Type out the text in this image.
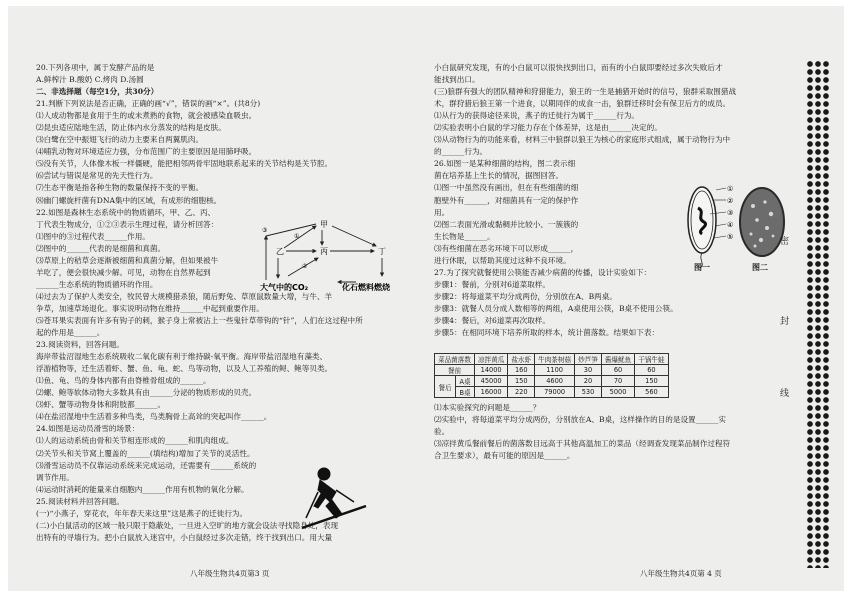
20.下列各项中，属于发酵产品的是

A.鲜榨汁 B.酸奶 C.烤肉 D.汤圆

二、非选择题（每空1分，共30分）

21.判断下列说法是否正确，正确的画“√”，错误的画“×”。(共8分)

⑴人成动物都是食用于生的或未煮熟的食物，就会被感染血吸虫。

⑵昆虫适应陆地生活，防止体内水分蒸发的结构是皮肤。

⑶白鹭在空中振翅飞行的动力主要来自两翼肌肉。

⑷哺乳动物对环境适应力强，分布范围广的主要原因是用肺呼吸。

⑸没有关节，人体像木板一样僵硬，能把相邻两骨牢固地联系起来的关节结构是关节腔。

⑹尝试与错误是常见的先天性行为。

⑺生态平衡是指各种生物的数量保持不变的平衡。

⑻幽门螺旋杆菌有DNA集中的区域，有成形的细胞核。

22.如图是森林生态系统中的物质循环，甲、乙、丙、

丁代表生物成分，①②③表示生理过程，请分析回答：

⑴图中的③过程代表______作用。

⑵图中的______代表的是细菌和真菌。

⑶草原上的秸草会逐渐被细菌和真菌分解，但如果被牛

羊吃了，便会很快减少解。可见，动物在自然界起到

______生态系统的物质循环的作用。

⑷过去为了保护人类安全，牧民曾大规模猎杀狼，随后野兔、草原鼠数量大增，与牛、羊

争草，加速草场退化。事实说明动物在维持______中起到重要作用。

⑸苍耳果实表面有许多有钩子的刺，猴子身上常被沾上一些鬼针草带钩的“针”，人们在这过程中所

起的作用是______。

23.阅读资料，回答问题。

海岸带盐沼湿地生态系统吸收二氧化碳有利于维持碳-氧平衡。海岸带盐沼湿地有藻类、

浮游植物等，迁生活着虾、蟹、鱼、龟、蛇、鸟等动物，以及人工养殖的鲟、鲍等贝类。

⑴鱼、龟、鸟的身体内都有由脊椎骨组成的______。

⑵螺、鲍等软体动物大多数具有由______分泌的物质形成的贝壳。

⑶虾、蟹等动物身体和附肢都______。

⑷在盐沼湿地中生活着多种鸟类，鸟类胸骨上高耸的突起叫作______。

24.如图是运动员滑雪的场景：

⑴人的运动系统由骨和关节相连形成的______和肌肉组成。

⑵关节头和关节窝上覆盖的______(填结构)增加了关节的灵活性。

⑶滑雪运动员不仅靠运动系统来完成运动，还需要有______系统的

调节作用。

⑷运动时消耗的能量来自细胞内______作用有机物的氧化分解。

25.阅读材料并回答问题。

(一)“小燕子，穿花衣，年年春天来这里”这是燕子的迁徙行为。

(二)小白鼠活动的区域一般只限于隐蔽处，一旦进入空旷的地方就会设法寻找隐身处，表现

出特有的寻墙行为。把小白鼠放入迷宫中，小白鼠经过多次走错，终于找到出口。用大量

小白鼠研究发现，有的小白鼠可以很快找到出口，而有的小白鼠即要经过多次失败后才

能找到出口。

(三)狼群有强大的团队精神和狩猎能力，狼王的一生是捕猎开始时的信号，狼群采取围猎战

术，群狩猎后狼王第一个进食，以期同伴的成食一击，狼群迁移时会有保卫后方的成员。

⑴从行为的获得途径来说，燕子的迁徙行为属于______行为。

⑵实验表明小白鼠的学习能力存在个体差异，这是由______决定的。

⑶从动物行为的功能来看，材料三中狼群以狼王为核心的家庭形式组成，属于动物行为中

的______行为。

26.如图一是某种细菌的结构，图二表示细

菌在培养基上生长的情况，据图回答。

⑴图一中虽然没有画出，但在有些细菌的细

胞壁外有______，对细菌具有一定的保护作

用。

⑵图二表面光滑或黏稠并比较小、一簇簇的

生长物是______。

⑶有些细菌在恶劣环境下可以形成______，

进行休眠，以帮助其度过这种不良环境。

27.为了探究就餐使用公筷能否减少病菌的传播，设计实验如下：

步骤1：餐前，分别对6道菜取样。

步骤2：将每道菜平均分成两份，分别放在A、B两桌。

步骤3：就餐人员分成人数相等的两组，A桌使用公筷，B桌不使用公筷。

步骤4：餐后，对6道菜再次取样。

步骤5：在相同环境下培养所取的样本，统计菌落数。结果如下表：

甲
乙	丙	丁
①
②
③
大气中的CO₂	化石燃料燃烧
①
②
③
④
⑤
图一	图二
菜品菌落数		凉拌黄瓜	盐水虾	牛肉茶树菇	炒芦笋	酱爆鱿鱼	干锅牛蛙
餐前		14000	160	1100	30	60	60
餐后	A桌	45000	150	4600	20	70	150
	B桌	16000	220	79000	530	5000	560

⑴本实验探究的问题是______？

⑵实验中，将每道菜平均分成两份，分别放在A、B桌，这样操作的目的是设置______实

验。

⑶凉拌黄瓜餐前餐后的菌落数目远高于其他高温加工的菜品（经调查发现菜品制作过程符

合卫生要求），最有可能的原因是______。

八年级生物共4页第3 页	八年级生物共4页第 4 页
密
封
线
